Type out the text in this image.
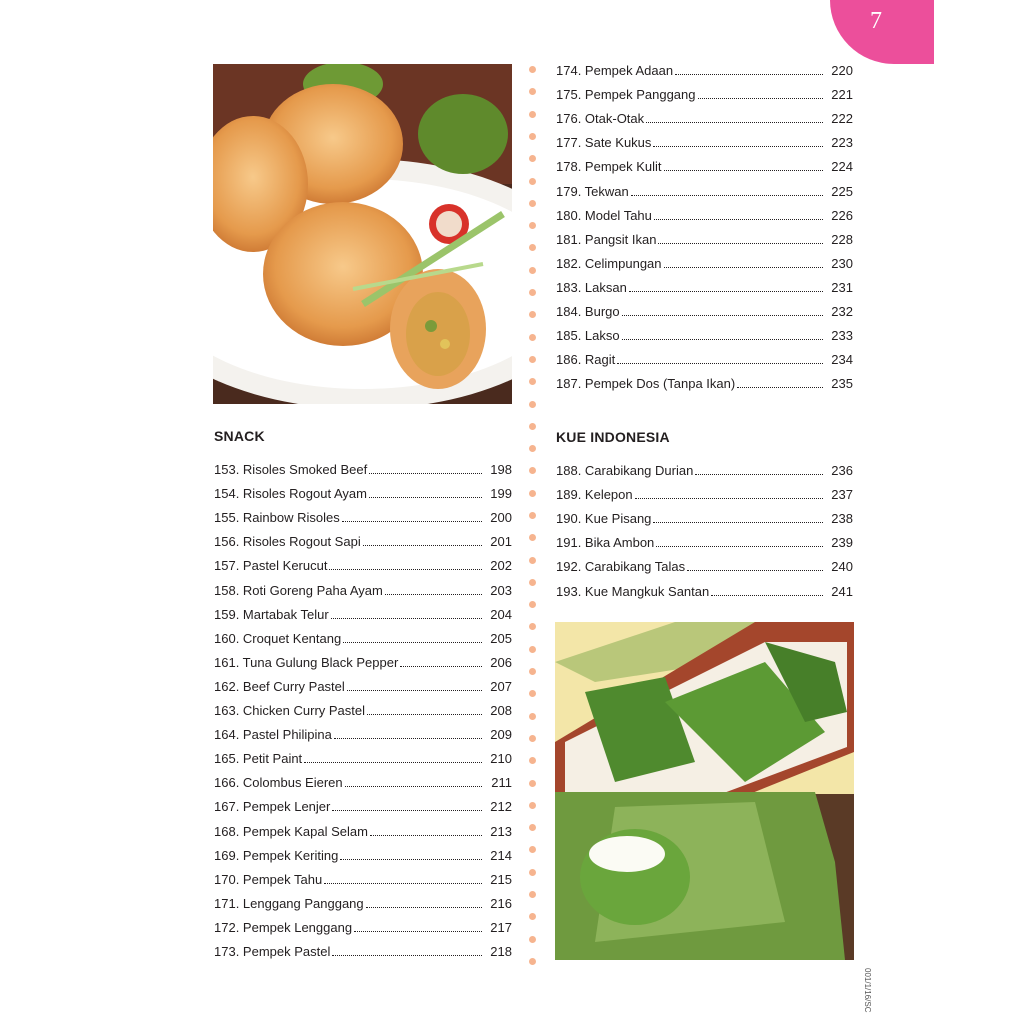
7
SNACK
153. Risoles Smoked Beef	198
154. Risoles Rogout Ayam	199
155. Rainbow Risoles	200
156. Risoles Rogout Sapi	201
157. Pastel Kerucut	202
158. Roti Goreng Paha Ayam	203
159. Martabak Telur	204
160. Croquet Kentang	205
161. Tuna Gulung Black Pepper	206
162. Beef Curry Pastel	207
163. Chicken Curry Pastel	208
164. Pastel Philipina	209
165. Petit Paint	210
166. Colombus Eieren	211
167. Pempek Lenjer	212
168. Pempek Kapal Selam	213
169. Pempek Keriting	214
170. Pempek Tahu	215
171. Lenggang Panggang	216
172. Pempek Lenggang	217
173. Pempek Pastel	218
174. Pempek Adaan	220
175. Pempek Panggang	221
176. Otak-Otak	222
177. Sate Kukus	223
178. Pempek Kulit	224
179. Tekwan	225
180. Model Tahu	226
181. Pangsit Ikan	228
182. Celimpungan	230
183. Laksan	231
184. Burgo	232
185. Lakso	233
186. Ragit	234
187. Pempek Dos (Tanpa Ikan)	235
KUE INDONESIA
188. Carabikang Durian	236
189. Kelepon	237
190. Kue Pisang	238
191. Bika Ambon	239
192. Carabikang Talas	240
193. Kue Mangkuk Santan	241
001/1/16/SC
